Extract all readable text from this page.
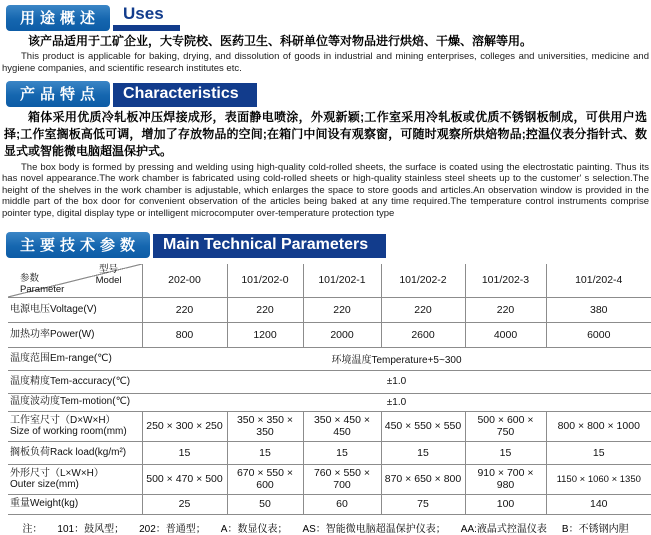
用途概述	Uses

该产品适用于工矿企业，大专院校、医药卫生、科研单位等对物品进行烘焙、干燥、溶解等用。

This product is applicable for baking, drying, and dissolution of goods in industrial and mining enterprises, colleges and universities, medicine and hygiene companies, and scientific research institutes etc.

产品特点	Characteristics

箱体采用优质冷轧板冲压焊接成形，表面静电喷涂，外观新颖;工作室采用冷轧板或优质不锈钢板制成，可供用户选择;工作室搁板高低可调，增加了存放物品的空间;在箱门中间设有观察窗，可随时观察所烘焙物品;控温仪表分指针式、数显式或智能微电脑超温保护式。

The box body is formed by pressing and welding using high-quality cold-rolled sheets, the surface is coated using the electrostatic painting. Thus its has novel appearance.The work chamber is fabricated using cold-rolled sheets or high-quality stainless steel sheets up to the customer' s selection.The height of the shelves in the work chamber is adjustable, which enlarges the space to store goods and articles.An observation window is provided in the middle part of the box door for convenient observation of the articles being baked at any time required.The temperature control instruments comprise pointer type, digital display type or intelligent microcomputer over-temperature protection type

主要技术参数	Main Technical Parameters
型号
Model
参数
Parameter	202-00	101/202-0	101/202-1	101/202-2	101/202-3	101/202-4
电源电压Voltage(V)	220	220	220	220	220	380
加热功率Power(W)	800	1200	2000	2600	4000	6000
温度范围Em-range(℃)	环境温度Temperature+5~300					
温度精度Tem-accuracy(℃)	±1.0					
温度波动度Tem-motion(℃)	±1.0					

工作室尺寸（D×W×H）
Size of working room(mm)	250 × 300 × 250	350 × 350 × 350	350 × 450 × 450	450 × 550 × 550	500 × 600 × 750	800 × 800 × 1000
搁板负荷Rack load(kg/m²)	15	15	15	15	15	15

外形尺寸（L×W×H）
Outer size(mm)	500 × 470 × 500	670 × 550 × 600	760 × 550 × 700	870 × 650 × 800	910 × 700 × 980	1150 × 1060 × 1350
重量Weight(kg)	25	50	60	75	100	140
注： 101：鼓风型； 202：普通型； A：数显仪表； AS：智能微电脑超温保护仪表； AA:液晶式控温仪表 B：不锈钢内胆
